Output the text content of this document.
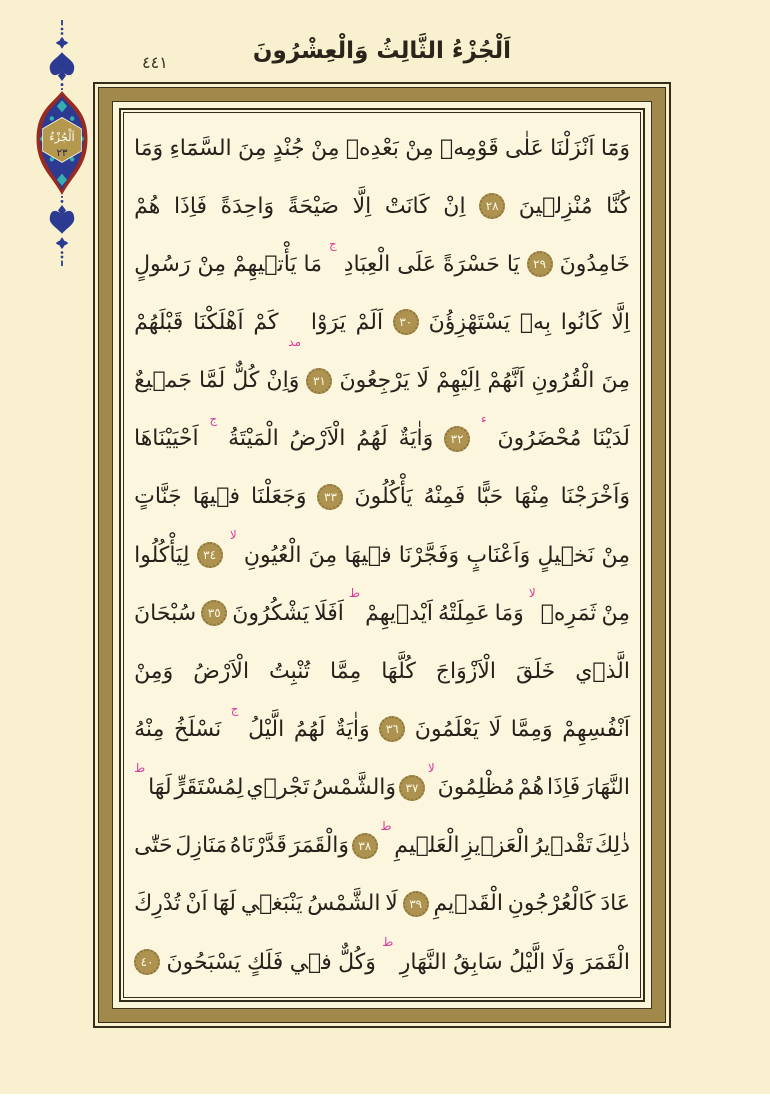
٤٤١	اَلْجُزْءُ الثَّالِثُ وَالْعِشْرُونَ
اَلْجُزْءُ
٢٣	وَمَٓا
اَنْزَلْنَا
عَلٰى
قَوْمِهٖ
مِنْ
بَعْدِهٖ
مِنْ
جُنْدٍ
مِنَ
السَّمَٓاءِ
وَمَا
كُنَّا
مُنْزِلٖينَ
٢٨
اِنْ
كَانَتْ
اِلَّا
صَيْحَةً
وَاحِدَةً
فَاِذَا
هُمْ
خَامِدُونَ
٢٩
يَا
حَسْرَةً
عَلَى
الْعِبَادِ
ج
مَا
يَأْتٖيهِمْ
مِنْ
رَسُولٍ
اِلَّا
كَانُوا
بِهٖ
يَسْتَهْزِؤُنَ
٣٠
اَلَمْ
يَرَوْا
مد
كَمْ
اَهْلَكْنَا
قَبْلَهُمْ
مِنَ
الْقُرُونِ
اَنَّهُمْ
اِلَيْهِمْ
لَا
يَرْجِعُونَ
٣١
وَاِنْ
كُلٌّ
لَمَّا
جَمٖيعٌ
لَدَيْنَا
مُحْضَرُونَ
ء
٣٢
وَاٰيَةٌ
لَهُمُ
الْاَرْضُ
الْمَيْتَةُ
ج
اَحْيَيْنَاهَا
وَاَخْرَجْنَا
مِنْهَا
حَبًّا
فَمِنْهُ
يَأْكُلُونَ
٣٣
وَجَعَلْنَا
فٖيهَا
جَنَّاتٍ
مِنْ
نَخٖيلٍ
وَاَعْنَابٍ
وَفَجَّرْنَا
فٖيهَا
مِنَ
الْعُيُونِ
لا
٣٤
لِيَأْكُلُوا
مِنْ
ثَمَرِهٖ
لا
وَمَا
عَمِلَتْهُ
اَيْدٖيهِمْ
ط
اَفَلَا
يَشْكُرُونَ
٣٥
سُبْحَانَ
الَّذٖي
خَلَقَ
الْاَزْوَاجَ
كُلَّهَا
مِمَّا
تُنْبِتُ
الْاَرْضُ
وَمِنْ
اَنْفُسِهِمْ
وَمِمَّا
لَا
يَعْلَمُونَ
٣٦
وَاٰيَةٌ
لَهُمُ
الَّيْلُ
ج
نَسْلَخُ
مِنْهُ
النَّهَارَ
فَاِذَا
هُمْ
مُظْلِمُونَ
لا
٣٧
وَالشَّمْسُ
تَجْرٖي
لِمُسْتَقَرٍّ
لَهَا
ط
ذٰلِكَ
تَقْدٖيرُ
الْعَزٖيزِ
الْعَلٖيمِ
ط
٣٨
وَالْقَمَرَ
قَدَّرْنَاهُ
مَنَازِلَ
حَتّٰى
عَادَ
كَالْعُرْجُونِ
الْقَدٖيمِ
٣٩
لَا
الشَّمْسُ
يَنْبَغٖي
لَهَٓا
اَنْ
تُدْرِكَ
الْقَمَرَ
وَلَا
الَّيْلُ
سَابِقُ
النَّهَارِ
ط
وَكُلٌّ
فٖي
فَلَكٍ
يَسْبَحُونَ
٤٠
